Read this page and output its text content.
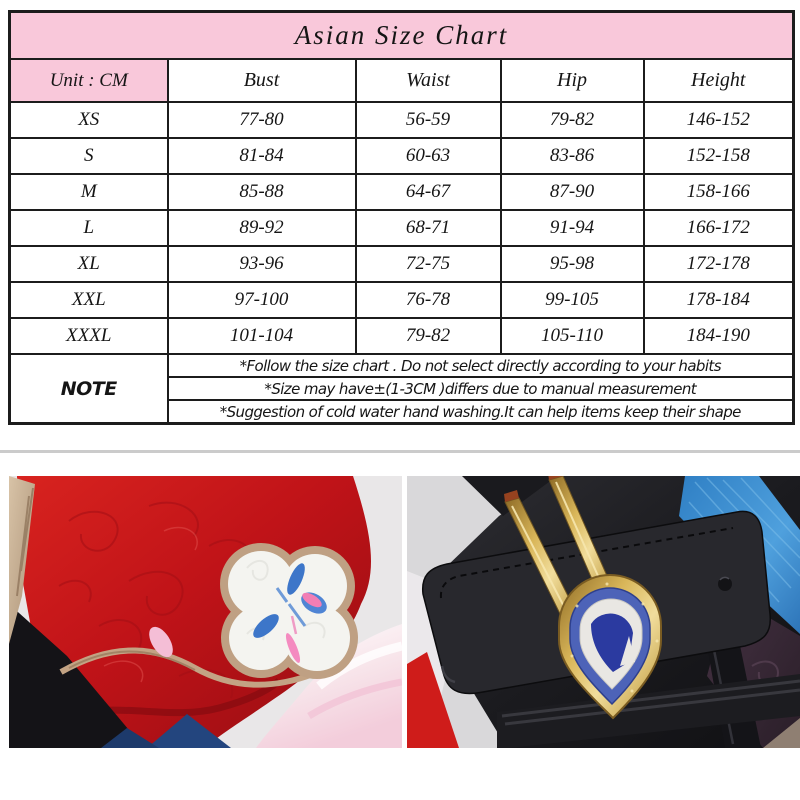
Asian Size Chart				
Unit : CM	Bust	Waist	Hip	Height
XS	77-80	56-59	79-82	146-152
S	81-84	60-63	83-86	152-158
M	85-88	64-67	87-90	158-166
L	89-92	68-71	91-94	166-172
XL	93-96	72-75	95-98	172-178
XXL	97-100	76-78	99-105	178-184
XXXL	101-104	79-82	105-110	184-190
NOTE	*Follow the size chart . Do not select directly according to your habits			
	*Size may have±(1-3CM )differs due to manual measurement			
	*Suggestion of cold water hand washing.It can help items keep their shape			
